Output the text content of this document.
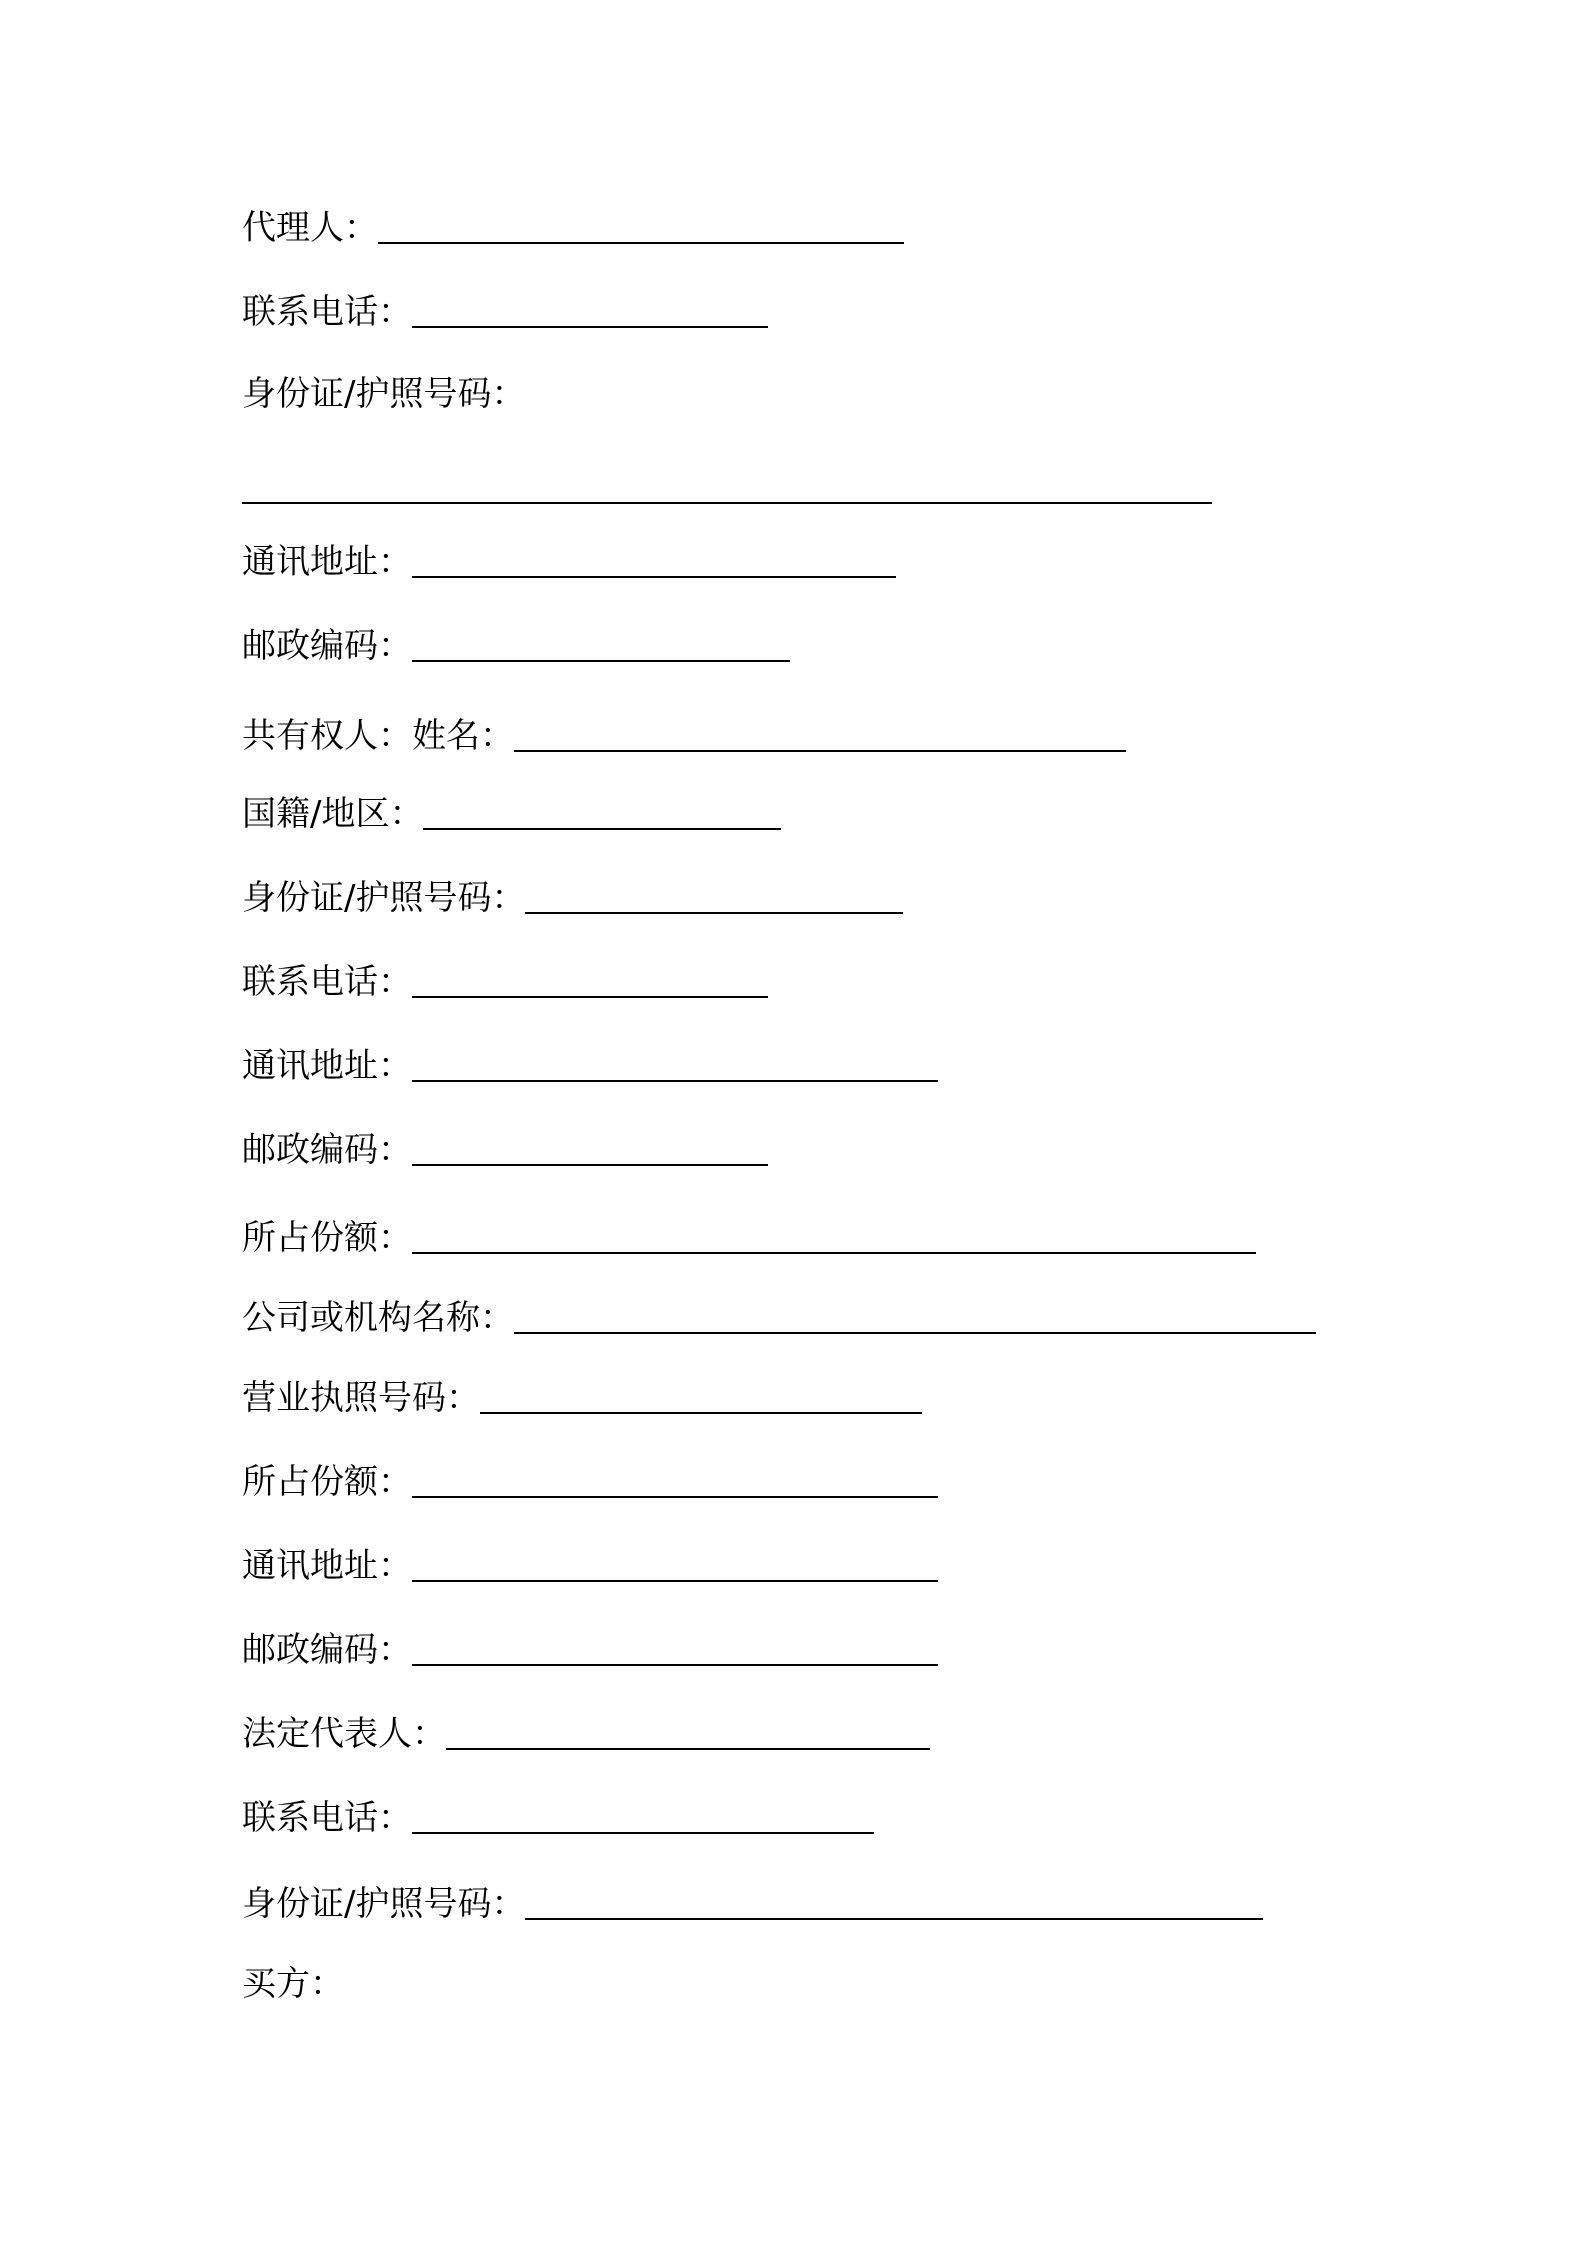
代理人：
联系电话：
身份证/护照号码：
通讯地址：
邮政编码：
共有权人：姓名：
国籍/地区：
身份证/护照号码：
联系电话：
通讯地址：
邮政编码：
所占份额：
公司或机构名称：
营业执照号码：
所占份额：
通讯地址：
邮政编码：
法定代表人：
联系电话：
身份证/护照号码：
买方：
